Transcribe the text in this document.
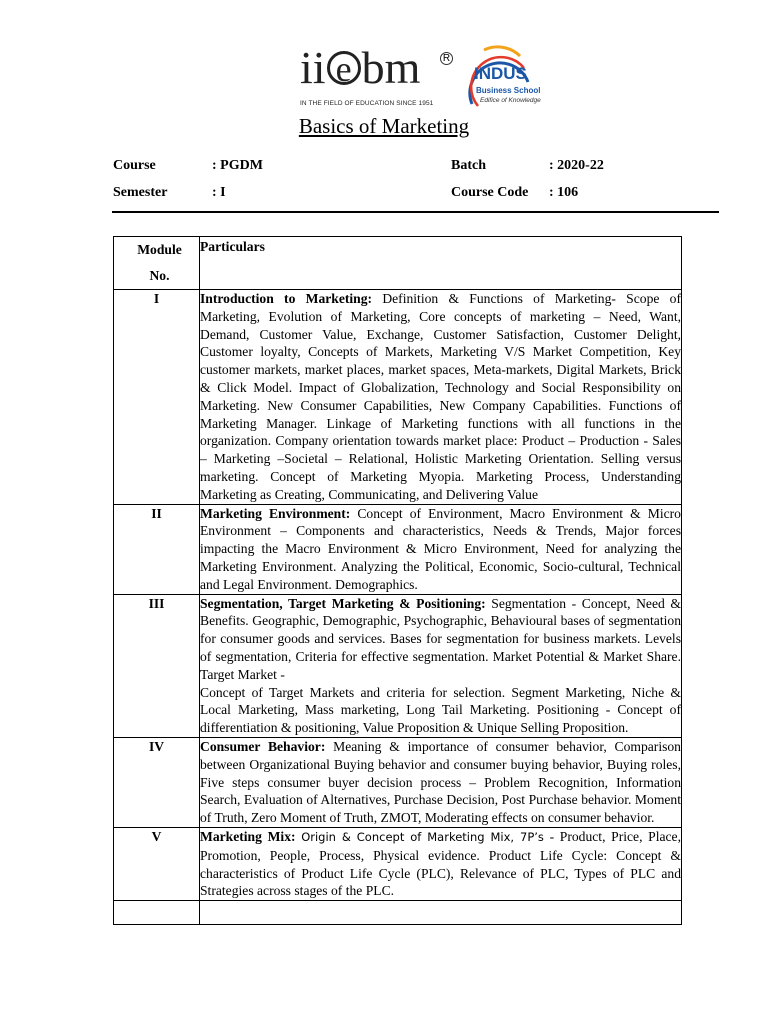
ii e bm R
IN THE FIELD OF EDUCATION SINCE 1951
INDUS
Business School
Edifice of Knowledge
Basics of Marketing
Course	: PGDM
Semester	: I
Batch	: 2020-22
Course Code : 106
Module
No.	Particulars
I	Introduction to Marketing: Definition & Functions of Marketing- Scope of Marketing, Evolution of Marketing, Core concepts of marketing – Need, Want, Demand, Customer Value, Exchange, Customer Satisfaction, Customer Delight, Customer loyalty, Concepts of Markets, Marketing V/S Market Competition, Key customer markets, market places, market spaces, Meta-markets, Digital Markets, Brick & Click Model. Impact of Globalization, Technology and Social Responsibility on Marketing. New Consumer Capabilities, New Company Capabilities. Functions of Marketing Manager. Linkage of Marketing functions with all functions in the organization. Company orientation towards market place: Product – Production - Sales – Marketing –Societal – Relational, Holistic Marketing Orientation. Selling versus marketing. Concept of Marketing Myopia. Marketing Process, Understanding Marketing as Creating, Communicating, and Delivering Value
II	Marketing Environment: Concept of Environment, Macro Environment & Micro Environment – Components and characteristics, Needs & Trends, Major forces impacting the Macro Environment & Micro Environment, Need for analyzing the Marketing Environment. Analyzing the Political, Economic, Socio-cultural, Technical and Legal Environment. Demographics.
III	Segmentation, Target Marketing & Positioning: Segmentation - Concept, Need & Benefits. Geographic, Demographic, Psychographic, Behavioural bases of segmentation for consumer goods and services. Bases for segmentation for business markets. Levels of segmentation, Criteria for effective segmentation. Market Potential & Market Share. Target Market -

Concept of Target Markets and criteria for selection. Segment Marketing, Niche & Local Marketing, Mass marketing, Long Tail Marketing. Positioning - Concept of differentiation & positioning, Value Proposition & Unique Selling Proposition.

IV	Consumer Behavior: Meaning & importance of consumer behavior, Comparison between Organizational Buying behavior and consumer buying behavior, Buying roles, Five steps consumer buyer decision process – Problem Recognition, Information Search, Evaluation of Alternatives, Purchase Decision, Post Purchase behavior. Moment of Truth, Zero Moment of Truth, ZMOT, Moderating effects on consumer behavior.
V	Marketing Mix: Origin & Concept of Marketing Mix, 7P’s - Product, Price, Place, Promotion, People, Process, Physical evidence. Product Life Cycle: Concept & characteristics of Product Life Cycle (PLC), Relevance of PLC, Types of PLC and Strategies across stages of the PLC.
